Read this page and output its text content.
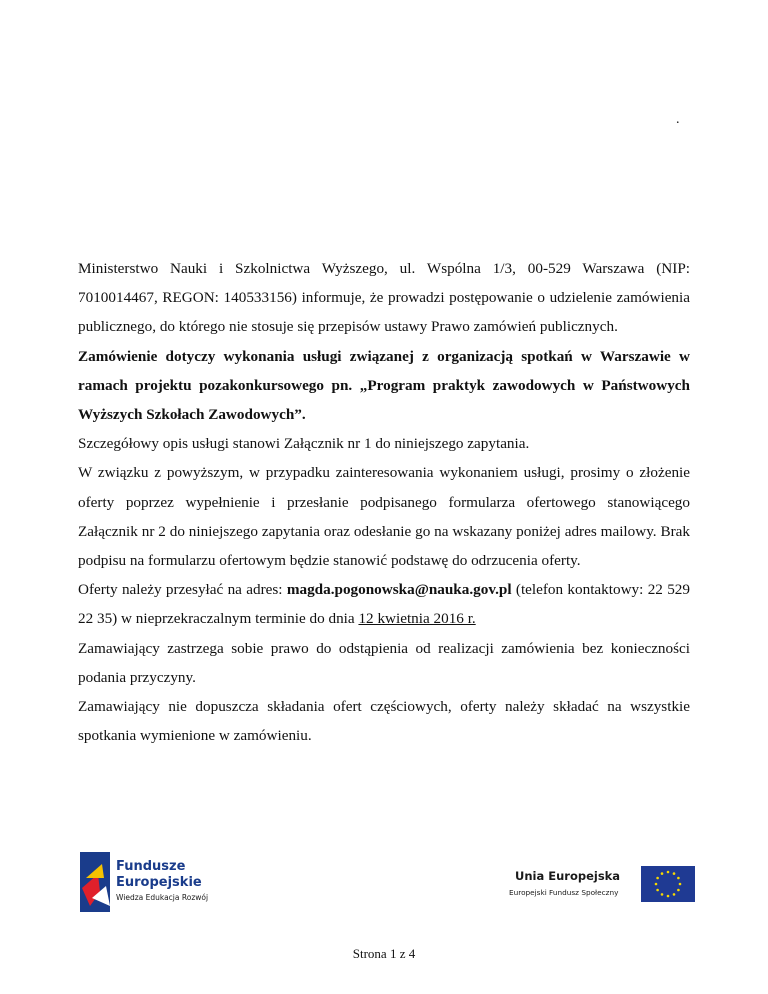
.

Ministerstwo Nauki i Szkolnictwa Wyższego, ul. Wspólna 1/3, 00-529 Warszawa (NIP: 7010014467, REGON: 140533156) informuje, że prowadzi postępowanie o udzielenie zamówienia publicznego, do którego nie stosuje się przepisów ustawy Prawo zamówień publicznych.

Zamówienie dotyczy wykonania usługi związanej z organizacją spotkań w Warszawie w ramach projektu pozakonkursowego pn. „Program praktyk zawodowych w Państwowych Wyższych Szkołach Zawodowych”.

Szczegółowy opis usługi stanowi Załącznik nr 1 do niniejszego zapytania.

W związku z powyższym, w przypadku zainteresowania wykonaniem usługi, prosimy o złożenie oferty poprzez wypełnienie i przesłanie podpisanego formularza ofertowego stanowiącego Załącznik nr 2 do niniejszego zapytania oraz odesłanie go na wskazany poniżej adres mailowy. Brak podpisu na formularzu ofertowym będzie stanowić podstawę do odrzucenia oferty.

Oferty należy przesyłać na adres: magda.pogonowska@nauka.gov.pl (telefon kontaktowy: 22 529 22 35) w nieprzekraczalnym terminie do dnia 12 kwietnia 2016 r.

Zamawiający zastrzega sobie prawo do odstąpienia od realizacji zamówienia bez konieczności podania przyczyny.

Zamawiający nie dopuszcza składania ofert częściowych, oferty należy składać na wszystkie spotkania wymienione w zamówieniu.

Fundusze
Europejskie
Wiedza Edukacja Rozwój
Unia Europejska
Europejski Fundusz Społeczny
Strona 1 z 4
